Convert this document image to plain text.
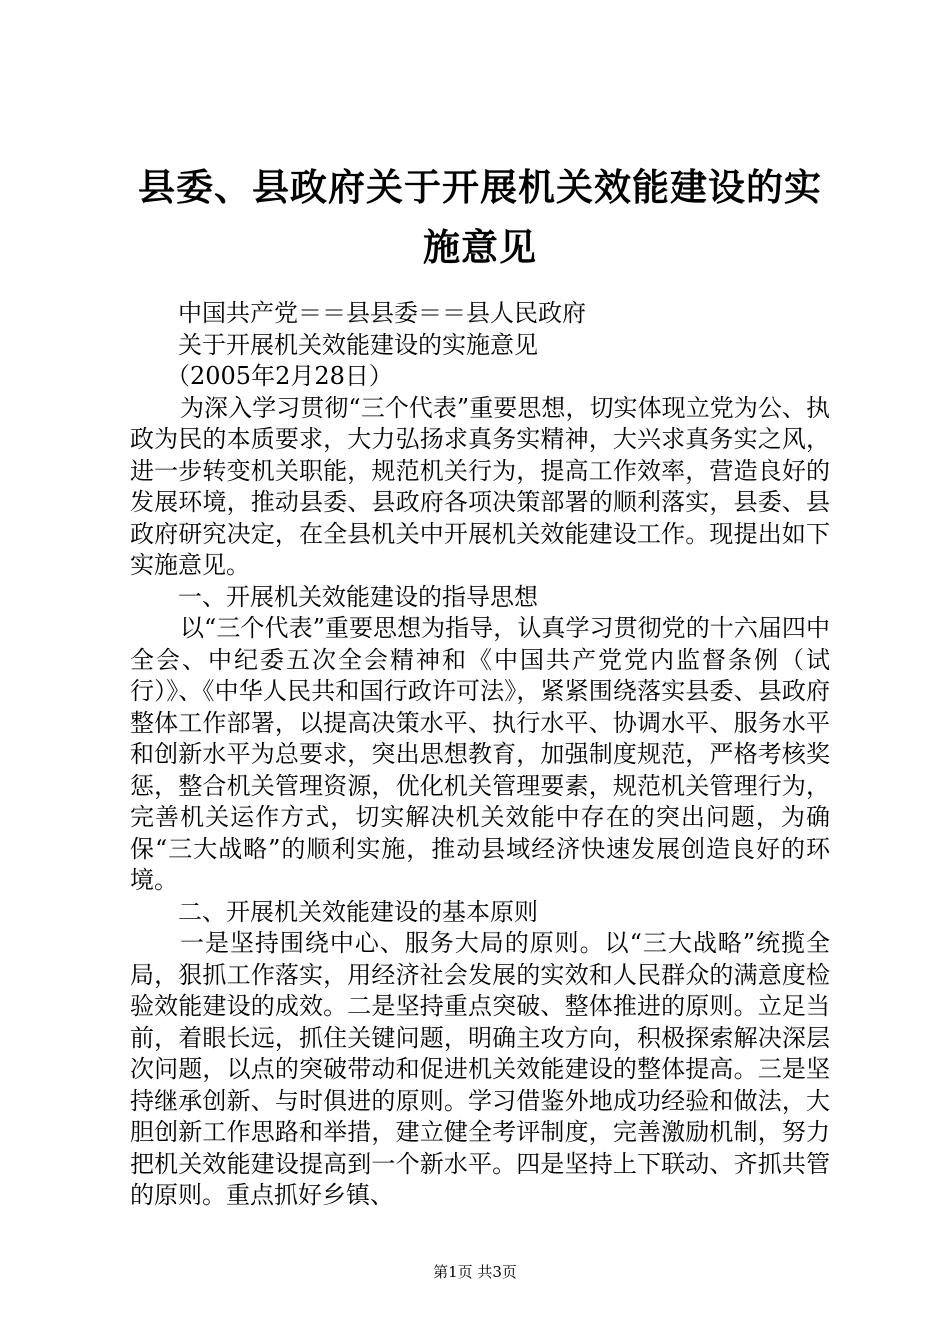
县委、县政府关于开展机关效能建设的实施意见

中国共产党＝＝县县委＝＝县人民政府

关于开展机关效能建设的实施意见

（2005年2月28日）

为深入学习贯彻“三个代表”重要思想，切实体现立党为公、执政为民的本质要求，大力弘扬求真务实精神，大兴求真务实之风，进一步转变机关职能，规范机关行为，提高工作效率，营造良好的发展环境，推动县委、县政府各项决策部署的顺利落实，县委、县政府研究决定，在全县机关中开展机关效能建设工作。现提出如下实施意见。

一、开展机关效能建设的指导思想

以“三个代表”重要思想为指导，认真学习贯彻党的十六届四中全会、中纪委五次全会精神和《中国共产党党内监督条例（试行）》、《中华人民共和国行政许可法》，紧紧围绕落实县委、县政府整体工作部署，以提高决策水平、执行水平、协调水平、服务水平和创新水平为总要求，突出思想教育，加强制度规范，严格考核奖惩，整合机关管理资源，优化机关管理要素，规范机关管理行为，完善机关运作方式，切实解决机关效能中存在的突出问题，为确保“三大战略”的顺利实施，推动县域经济快速发展创造良好的环境。

二、开展机关效能建设的基本原则

一是坚持围绕中心、服务大局的原则。以“三大战略”统揽全局，狠抓工作落实，用经济社会发展的实效和人民群众的满意度检验效能建设的成效。二是坚持重点突破、整体推进的原则。立足当前，着眼长远，抓住关键问题，明确主攻方向，积极探索解决深层次问题，以点的突破带动和促进机关效能建设的整体提高。三是坚持继承创新、与时俱进的原则。学习借鉴外地成功经验和做法，大胆创新工作思路和举措，建立健全考评制度，完善激励机制，努力把机关效能建设提高到一个新水平。四是坚持上下联动、齐抓共管的原则。重点抓好乡镇、

第1页 共3页
